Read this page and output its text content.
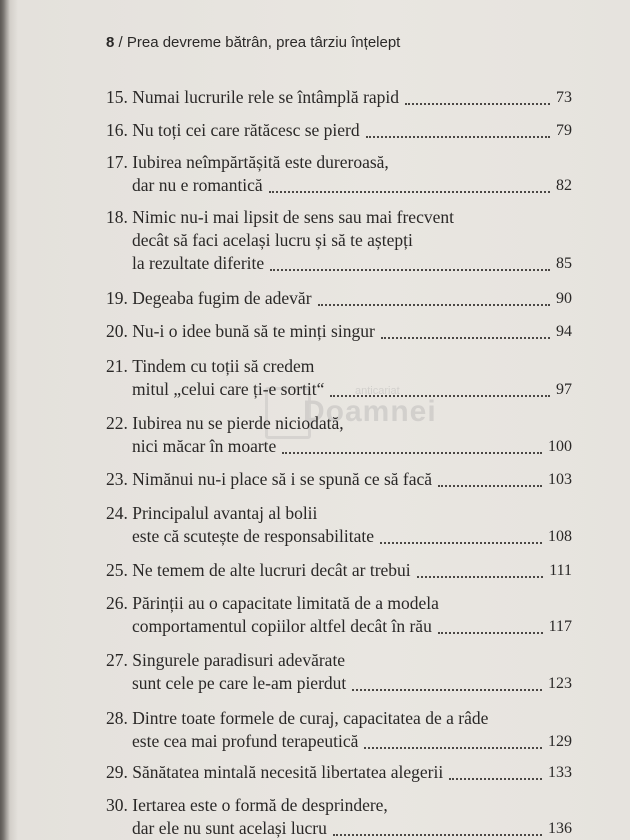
8 / Prea devreme bătrân, prea târziu înțelept
15.
Numai lucrurile rele se întâmplă rapid	73
16.
Nu toți cei care rătăcesc se pierd	79
17. Iubirea neîmpărtășită este dureroasă,
dar nu e romantică	82
18. Nimic nu-i mai lipsit de sens sau mai frecvent
decât să faci același lucru și să te aștepți
la rezultate diferite	85
19.
Degeaba fugim de adevăr	90
20.
Nu-i o idee bună să te minți singur	94
21. Tindem cu toții să credem
mitul „celui care ți-e sortit“	97
22. Iubirea nu se pierde niciodată,
nici măcar în moarte	100
23.
Nimănui nu-i place să i se spună ce să facă	103
24. Principalul avantaj al bolii
este că scutește de responsabilitate	108
25.
Ne temem de alte lucruri decât ar trebui	111
26. Părinții au o capacitate limitată de a modela
comportamentul copiilor altfel decât în rău	117
27. Singurele paradisuri adevărate
sunt cele pe care le-am pierdut	123
28. Dintre toate formele de curaj, capacitatea de a râde
este cea mai profund terapeutică	129
29.
Sănătatea mintală necesită libertatea alegerii	133
30. Iertarea este o formă de desprindere,
dar ele nu sunt același lucru	136
anticariat
Doamnei
